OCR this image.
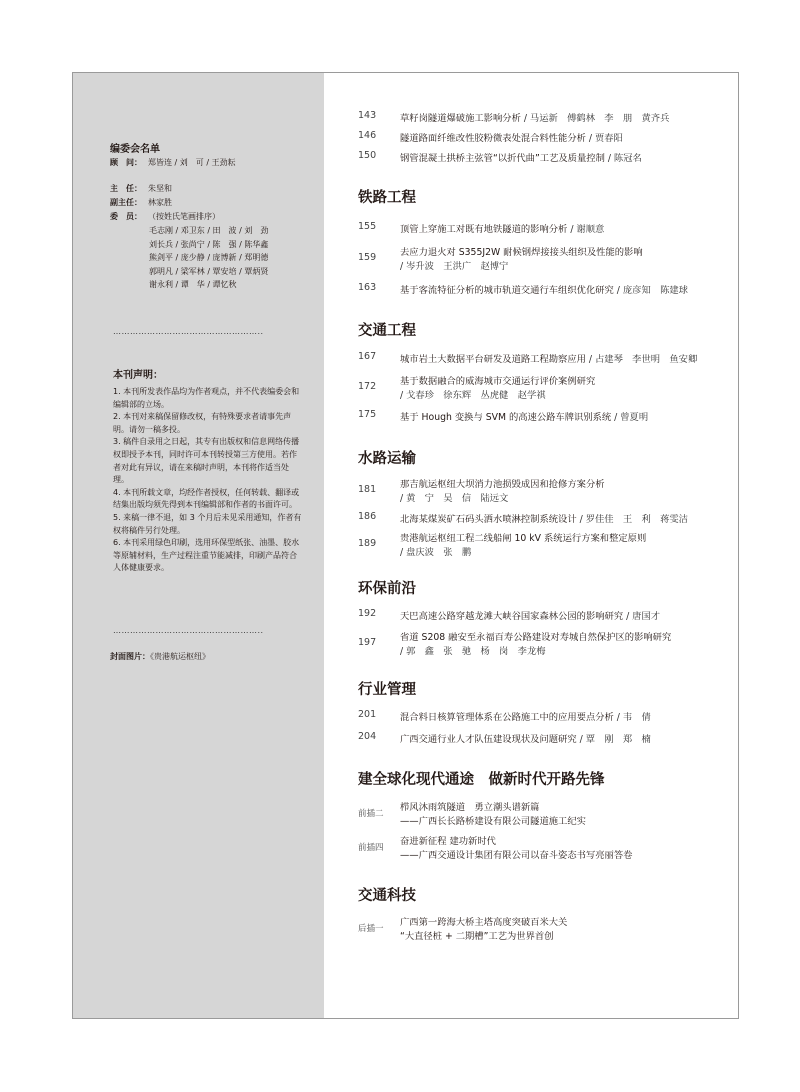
编委会名单
顾　问： 郑皆连 / 刘　可 / 王劲耘
主　任： 朱坚和
副主任： 林家胜
委　员： （按姓氏笔画排序）
毛志刚 / 邓卫东 / 田　波 / 刘　劲
刘长兵 / 张尚宁 / 陈　强 / 陈华鑫
熊剑平 / 庞少静 / 庞博新 / 郑明德
郭明凡 / 梁军林 / 覃安培 / 覃炳贤
谢永利 / 谭　华 / 谭忆秋
……………………………………………..
本刊声明：

1. 本刊所发表作品均为作者观点，并不代表编委会和编辑部的立场。

2. 本刊对来稿保留修改权，有特殊要求者请事先声明。请勿一稿多投。

3. 稿件自录用之日起，其专有出版权和信息网络传播权即授予本刊，同时许可本刊转授第三方使用。若作者对此有异议，请在来稿时声明，本刊将作适当处理。

4. 本刊所载文章，均经作者授权，任何转载、翻译或结集出版均须先得到本刊编辑部和作者的书面许可。

5. 来稿一律不退，如 3 个月后未见采用通知，作者有权将稿件另行处理。

6. 本刊采用绿色印刷，选用环保型纸张、油墨、胶水等原辅材料，生产过程注重节能减排，印刷产品符合人体健康要求。

……………………………………………..
封面图片：《贵港航运枢纽》
143	草籽岗隧道爆破施工影响分析 / 马运新　傅鹤林　李　朋　黄齐兵
146	隧道路面纤维改性胶粉微表处混合料性能分析 / 贾春阳
150	钢管混凝土拱桥主弦管“以折代曲”工艺及质量控制 / 陈冠名
铁路工程
155	顶管上穿施工对既有地铁隧道的影响分析 / 谢顺意
159	去应力退火对 S355J2W 耐候钢焊接接头组织及性能的影响
/ 岑升波　王洪广　赵博宁
163	基于客流特征分析的城市轨道交通行车组织优化研究 / 庞彦知　陈建球
交通工程
167	城市岩土大数据平台研发及道路工程勘察应用 / 占建琴　李世明　鱼安卿
172	基于数据融合的威海城市交通运行评价案例研究
/ 戈春珍　徐东辉　丛虎健　赵学祺
175	基于 Hough 变换与 SVM 的高速公路车牌识别系统 / 曾夏明
水路运输
181	那吉航运枢纽大坝消力池损毁成因和抢修方案分析
/ 黄　宁　吴　信　陆远文
186	北海某煤炭矿石码头洒水喷淋控制系统设计 / 罗佳佳　王　利　蒋雯洁
189	贵港航运枢纽工程二线船闸 10 kV 系统运行方案和整定原则
/ 盘庆波　张　鹏
环保前沿
192	天巴高速公路穿越龙滩大峡谷国家森林公园的影响研究 / 唐国才
197	省道 S208 融安至永福百寿公路建设对寿城自然保护区的影响研究
/ 郭　鑫　张　驰　杨　岗　李龙梅
行业管理
201	混合料日核算管理体系在公路施工中的应用要点分析 / 韦　倩
204	广西交通行业人才队伍建设现状及问题研究 / 覃　刚　郑　楠
建全球化现代通途　做新时代开路先锋
前插二
栉风沐雨筑隧道　勇立潮头谱新篇
——广西长长路桥建设有限公司隧道施工纪实
前插四
奋进新征程 建功新时代
——广西交通设计集团有限公司以奋斗姿态书写亮丽答卷
交通科技
后插一
广西第一跨海大桥主塔高度突破百米大关
“大直径桩 + 二期槽”工艺为世界首创
